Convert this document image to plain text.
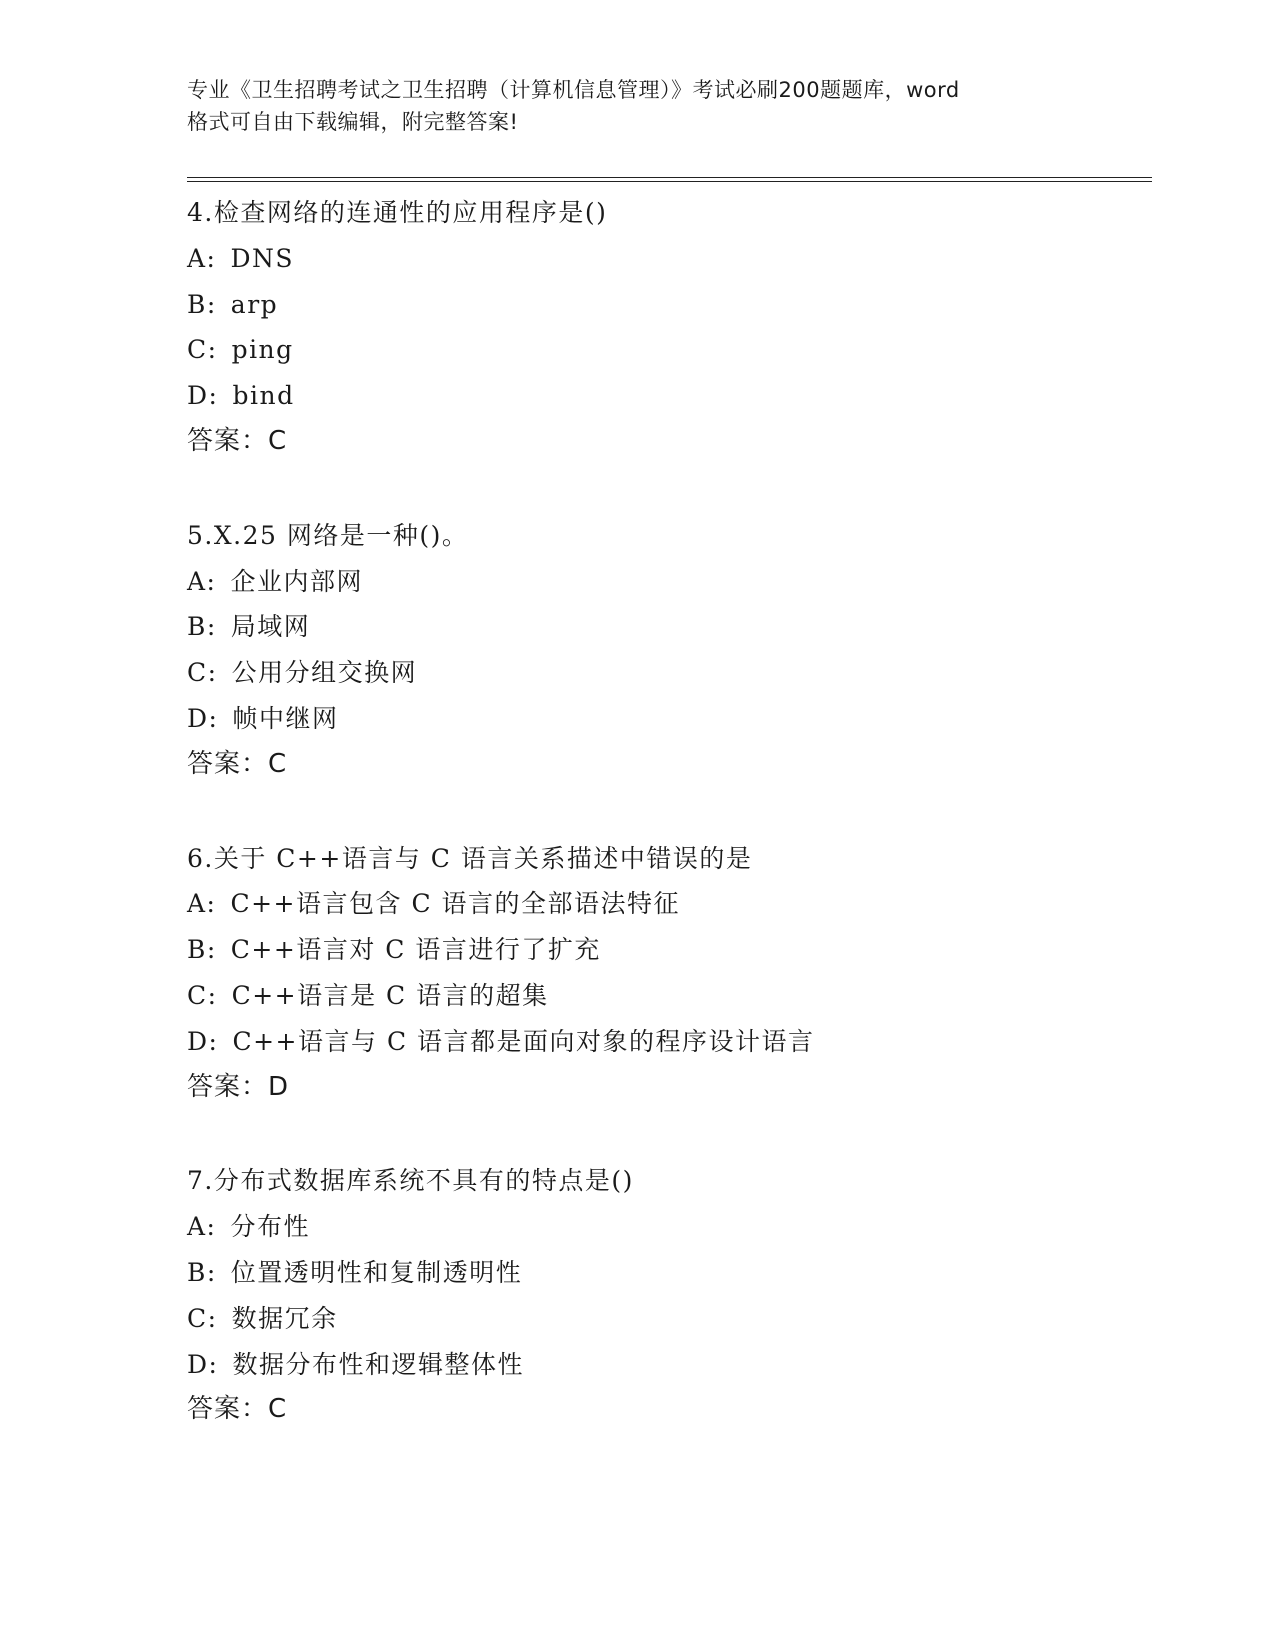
专业《卫生招聘考试之卫生招聘（计算机信息管理）》考试必刷200题题库，word
格式可自由下载编辑，附完整答案!
4.检查网络的连通性的应用程序是()
A: DNS
B: arp
C: ping
D: bind
答案：C
5.X.25 网络是一种()。
A: 企业内部网
B: 局域网
C: 公用分组交换网
D: 帧中继网
答案：C
6.关于 C++语言与 C 语言关系描述中错误的是
A: C++语言包含 C 语言的全部语法特征
B: C++语言对 C 语言进行了扩充
C: C++语言是 C 语言的超集
D: C++语言与 C 语言都是面向对象的程序设计语言
答案：D
7.分布式数据库系统不具有的特点是()
A: 分布性
B: 位置透明性和复制透明性
C: 数据冗余
D: 数据分布性和逻辑整体性
答案：C
